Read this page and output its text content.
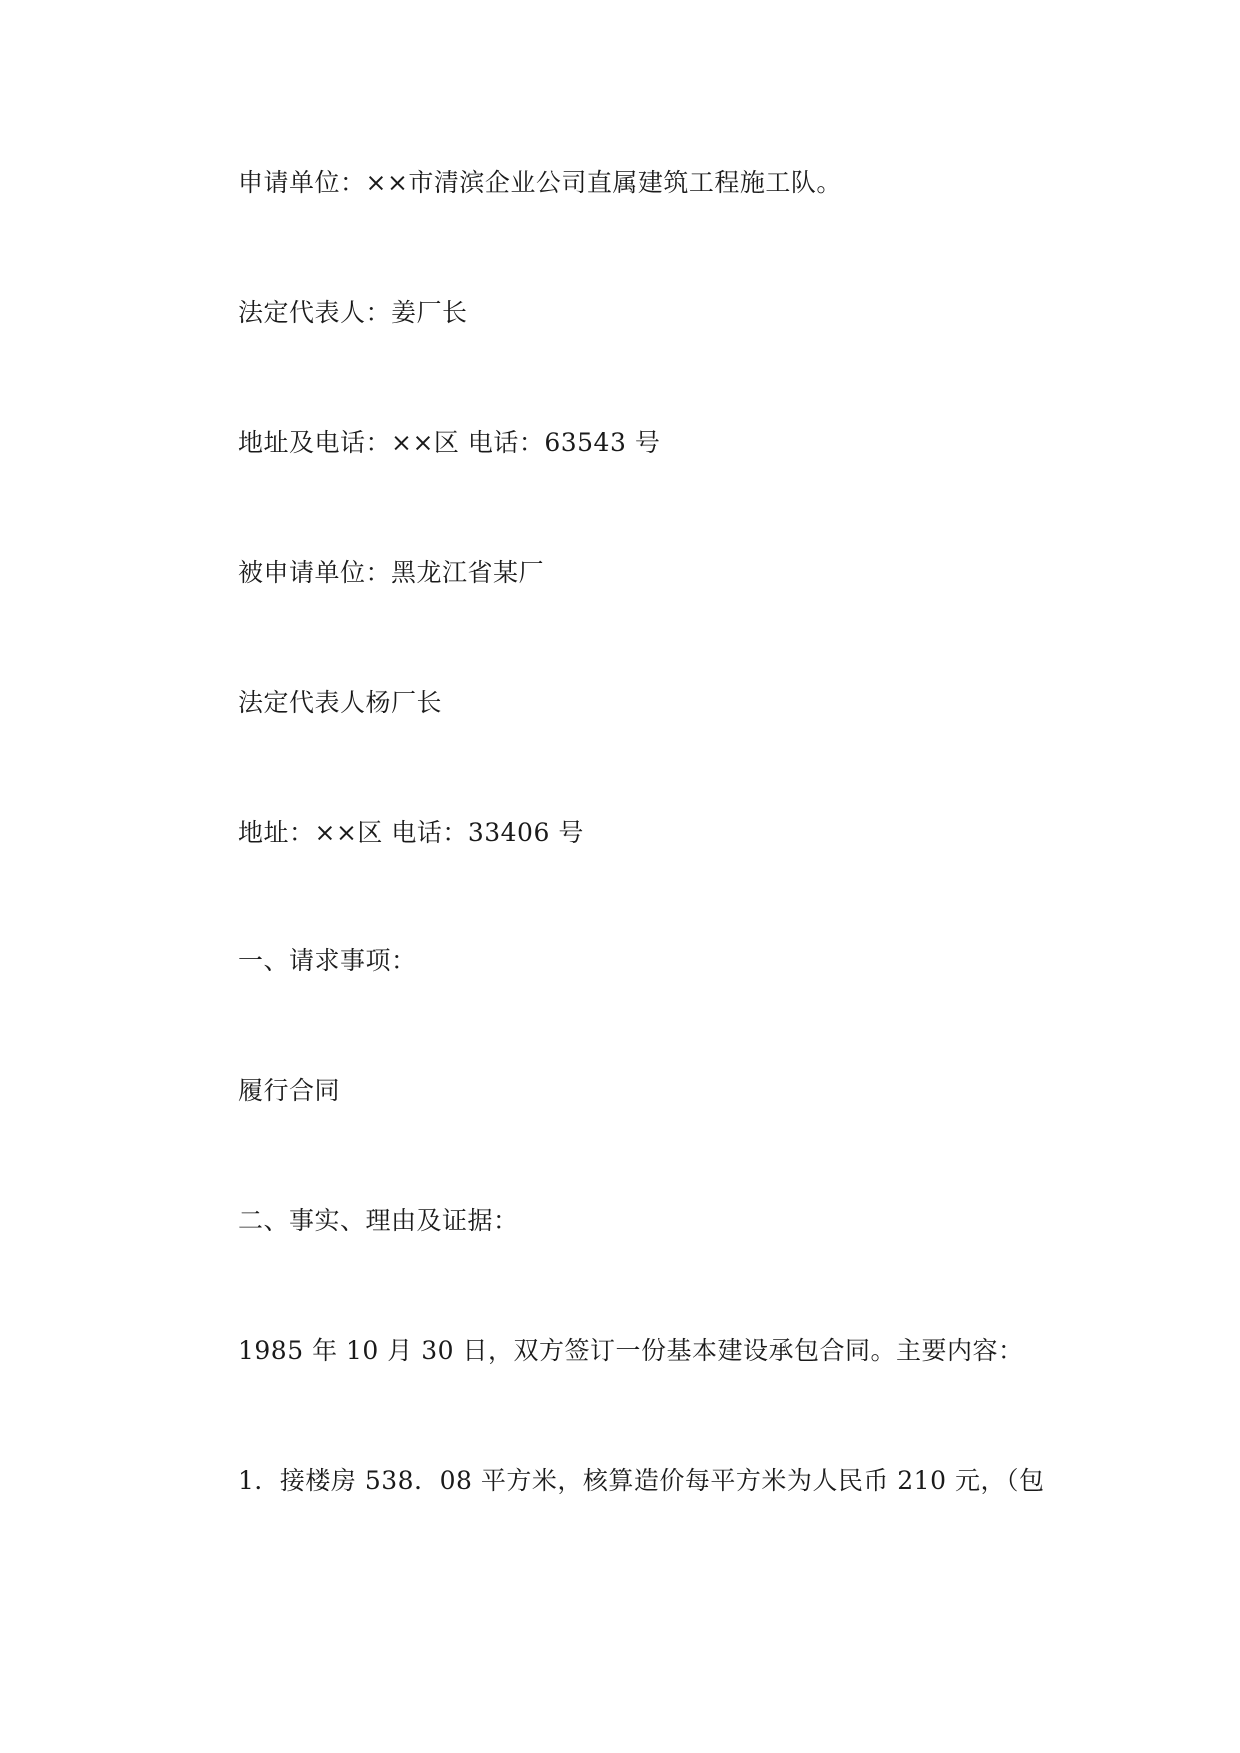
申请单位：××市清滨企业公司直属建筑工程施工队。
法定代表人：姜厂长
地址及电话：××区 电话：63543 号
被申请单位：黑龙江省某厂
法定代表人杨厂长
地址：××区 电话：33406 号
一、请求事项：
履行合同
二、事实、理由及证据：
1985 年 10 月 30 日，双方签订一份基本建设承包合同。主要内容：
1．接楼房 538．08 平方米，核算造价每平方米为人民币 210 元，（包
